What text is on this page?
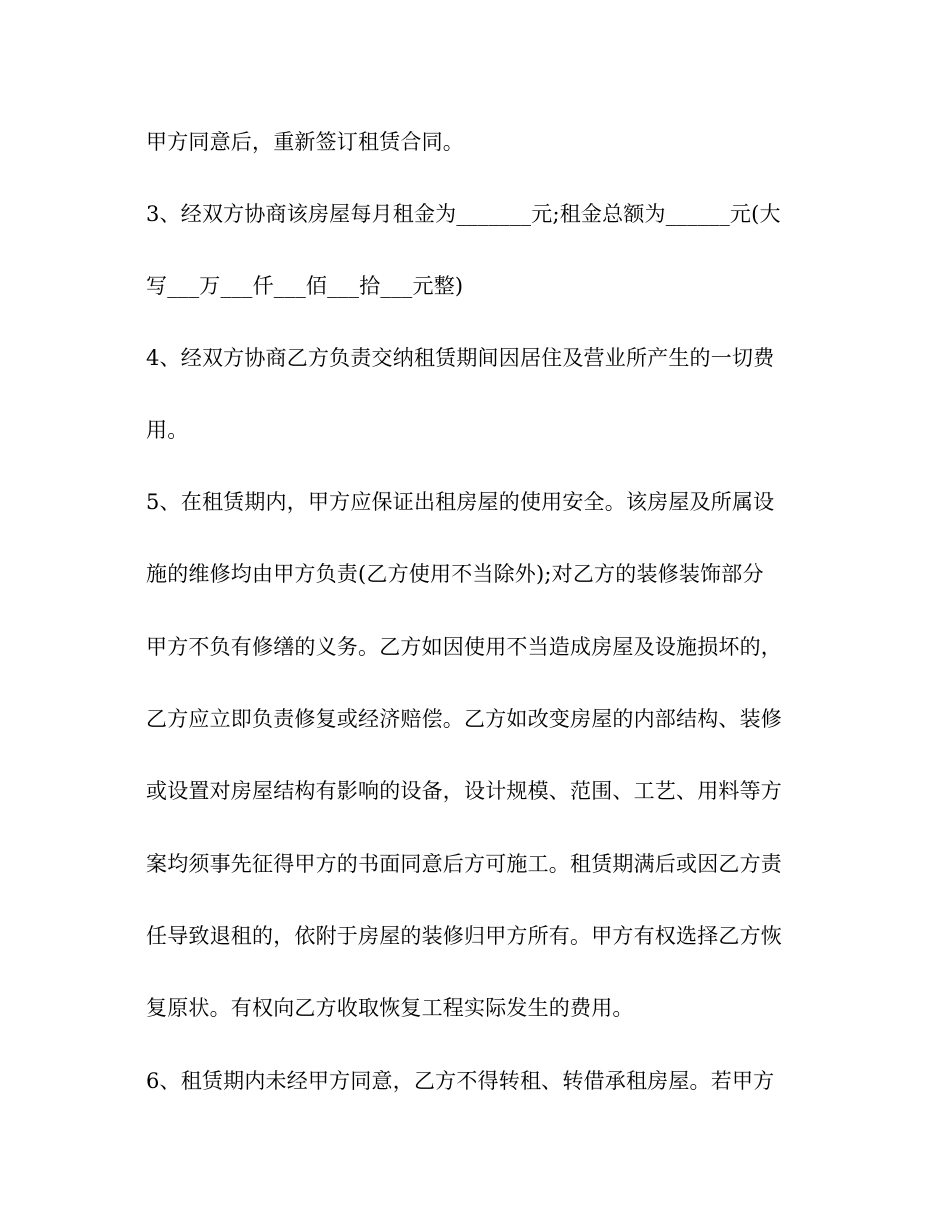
甲方同意后，重新签订租赁合同。
3、经双方协商该房屋每月租金为_______元;租金总额为______元(大
写___万___仟___佰___拾___元整)
4、经双方协商乙方负责交纳租赁期间因居住及营业所产生的一切费
用。
5、在租赁期内，甲方应保证出租房屋的使用安全。该房屋及所属设
施的维修均由甲方负责(乙方使用不当除外);对乙方的装修装饰部分
甲方不负有修缮的义务。乙方如因使用不当造成房屋及设施损坏的，
乙方应立即负责修复或经济赔偿。乙方如改变房屋的内部结构、装修
或设置对房屋结构有影响的设备，设计规模、范围、工艺、用料等方
案均须事先征得甲方的书面同意后方可施工。租赁期满后或因乙方责
任导致退租的，依附于房屋的装修归甲方所有。甲方有权选择乙方恢
复原状。有权向乙方收取恢复工程实际发生的费用。
6、租赁期内未经甲方同意，乙方不得转租、转借承租房屋。若甲方
